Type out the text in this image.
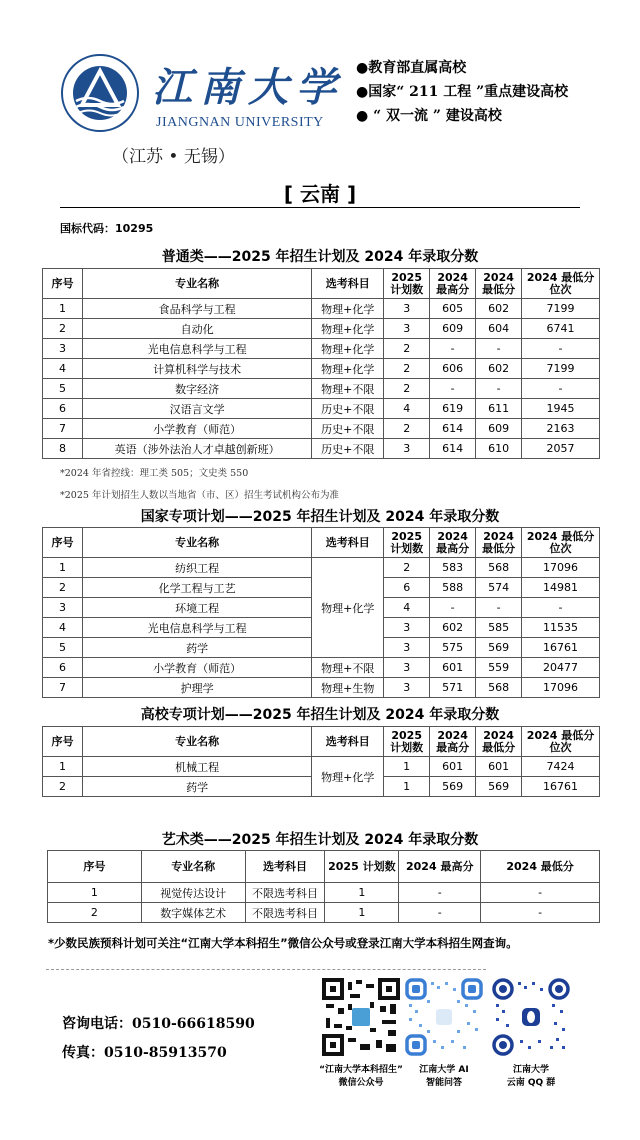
江南大学
JIANGNAN UNIVERSITY
（江苏 • 无锡）
●教育部直属高校
●国家“ 211 工程 ”重点建设高校
● “ 双一流 ” 建设高校
[ 云南 ]
国标代码：10295
普通类——2025 年招生计划及 2024 年录取分数
序号	专业名称	选考科目	2025 计划数	2024 最高分	2024 最低分	2024 最低分位次
1	食品科学与工程	物理+化学	3	605	602	7199
2	自动化	物理+化学	3	609	604	6741
3	光电信息科学与工程	物理+化学	2	-	-	-
4	计算机科学与技术	物理+化学	2	606	602	7199
5	数字经济	物理+不限	2	-	-	-
6	汉语言文学	历史+不限	4	619	611	1945
7	小学教育（师范）	历史+不限	2	614	609	2163
8	英语（涉外法治人才卓越创新班）	历史+不限	3	614	610	2057
*2024 年省控线：理工类 505；文史类 550
*2025 年计划招生人数以当地省（市、区）招生考试机构公布为准
国家专项计划——2025 年招生计划及 2024 年录取分数
序号	专业名称	选考科目	2025 计划数	2024 最高分	2024 最低分	2024 最低分位次
1	纺织工程	物理+化学	2	583	568	17096
2	化学工程与工艺		6	588	574	14981
3	环境工程		4	-	-	-
4	光电信息科学与工程		3	602	585	11535
5	药学		3	575	569	16761
6	小学教育（师范）	物理+不限	3	601	559	20477
7	护理学	物理+生物	3	571	568	17096
高校专项计划——2025 年招生计划及 2024 年录取分数
序号	专业名称	选考科目	2025 计划数	2024 最高分	2024 最低分	2024 最低分位次
1	机械工程	物理+化学	1	601	601	7424
2	药学		1	569	569	16761
艺术类——2025 年招生计划及 2024 年录取分数
序号	专业名称	选考科目	2025 计划数	2024 最高分	2024 最低分
1	视觉传达设计	不限选考科目	1	-	-
2	数字媒体艺术	不限选考科目	1	-	-
*少数民族预科计划可关注“江南大学本科招生”微信公众号或登录江南大学本科招生网查询。
咨询电话：0510-66618590
传真：0510-85913570
“江南大学本科招生”
微信公众号
江南大学 AI
智能问答
江南大学
云南 QQ 群
